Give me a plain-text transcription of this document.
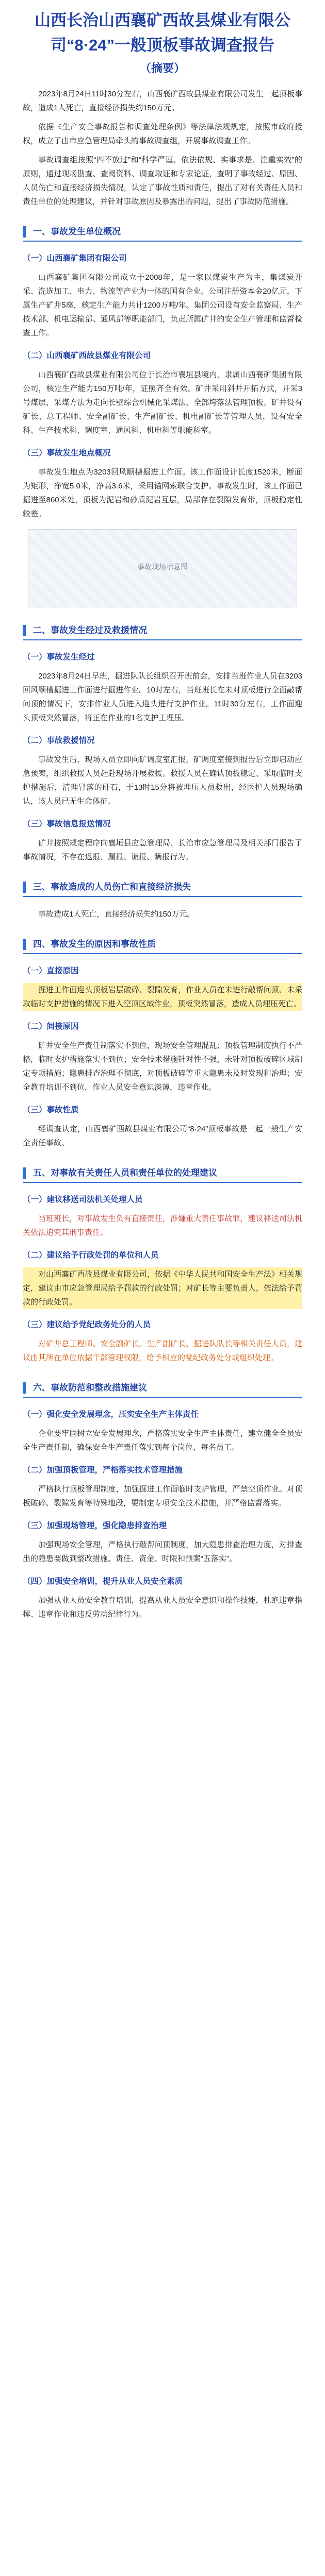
山西长治山西襄矿西故县煤业有限公
司“8·24”一般顶板事故调查报告
（摘要）

2023年8月24日11时30分左右，山西襄矿西故县煤业有限公司发生一起顶板事故，造成1人死亡，直接经济损失约150万元。

依据《生产安全事故报告和调查处理条例》等法律法规规定，按照市政府授权，成立了由市应急管理局牵头的事故调查组，开展事故调查工作。

事故调查组按照“四不放过”和“科学严谨、依法依规、实事求是、注重实效”的原则，通过现场勘查、查阅资料、调查取证和专家论证，查明了事故经过、原因、人员伤亡和直接经济损失情况，认定了事故性质和责任，提出了对有关责任人员和责任单位的处理建议，并针对事故原因及暴露出的问题，提出了事故防范措施。

一、事故发生单位概况
（一）山西襄矿集团有限公司

山西襄矿集团有限公司成立于2008年，是一家以煤炭生产为主，集煤炭开采、洗选加工、电力、物流等产业为一体的国有企业。公司注册资本金20亿元，下属生产矿井5座，核定生产能力共计1200万吨/年。集团公司设有安全监察局、生产技术部、机电运输部、通风部等职能部门，负责所属矿井的安全生产管理和监督检查工作。

（二）山西襄矿西故县煤业有限公司

山西襄矿西故县煤业有限公司位于长治市襄垣县境内，隶属山西襄矿集团有限公司，核定生产能力150万吨/年，证照齐全有效。矿井采用斜井开拓方式，开采3号煤层，采煤方法为走向长壁综合机械化采煤法，全部垮落法管理顶板。矿井设有矿长、总工程师、安全副矿长、生产副矿长、机电副矿长等管理人员，设有安全科、生产技术科、调度室、通风科、机电科等职能科室。

（三）事故发生地点概况

事故发生地点为3203回风顺槽掘进工作面。该工作面设计长度1520米，断面为矩形，净宽5.0米，净高3.6米，采用锚网索联合支护。事故发生时，该工作面已掘进至860米处，顶板为泥岩和砂质泥岩互层，局部存在裂隙发育带，顶板稳定性较差。

事故现场示意图
二、事故发生经过及救援情况
（一）事故发生经过

2023年8月24日早班，掘进队队长组织召开班前会，安排当班作业人员在3203回风顺槽掘进工作面进行掘进作业。10时左右，当班班长在未对顶板进行全面敲帮问顶的情况下，安排作业人员进入迎头进行支护作业。11时30分左右，工作面迎头顶板突然冒落，将正在作业的1名支护工埋压。

（二）事故救援情况

事故发生后，现场人员立即向矿调度室汇报，矿调度室接到报告后立即启动应急预案，组织救援人员赶赴现场开展救援。救援人员在确认顶板稳定、采取临时支护措施后，清理冒落的矸石，于13时15分将被埋压人员救出，经医护人员现场确认，该人员已无生命体征。

（三）事故信息报送情况

矿井按照规定程序向襄垣县应急管理局、长治市应急管理局及相关部门报告了事故情况，不存在迟报、漏报、谎报、瞒报行为。

三、事故造成的人员伤亡和直接经济损失

事故造成1人死亡，直接经济损失约150万元。

四、事故发生的原因和事故性质
（一）直接原因

掘进工作面迎头顶板岩层破碎、裂隙发育，作业人员在未进行敲帮问顶、未采取临时支护措施的情况下进入空顶区域作业，顶板突然冒落，造成人员埋压死亡。

（二）间接原因

矿井安全生产责任制落实不到位，现场安全管理混乱；顶板管理制度执行不严格，临时支护措施落实不到位；安全技术措施针对性不强，未针对顶板破碎区域制定专项措施；隐患排查治理不彻底，对顶板破碎等重大隐患未及时发现和治理；安全教育培训不到位，作业人员安全意识淡薄，违章作业。

（三）事故性质

经调查认定，山西襄矿西故县煤业有限公司“8·24”顶板事故是一起一般生产安全责任事故。

五、对事故有关责任人员和责任单位的处理建议
（一）建议移送司法机关处理人员

当班班长，对事故发生负有直接责任，涉嫌重大责任事故罪，建议移送司法机关依法追究其刑事责任。

（二）建议给予行政处罚的单位和人员

对山西襄矿西故县煤业有限公司，依据《中华人民共和国安全生产法》相关规定，建议由市应急管理局给予罚款的行政处罚；对矿长等主要负责人，依法给予罚款的行政处罚。

（三）建议给予党纪政务处分的人员

对矿井总工程师、安全副矿长、生产副矿长、掘进队队长等相关责任人员，建议由其所在单位依据干部管理权限，给予相应的党纪政务处分或组织处理。

六、事故防范和整改措施建议
（一）强化安全发展理念，压实安全生产主体责任

企业要牢固树立安全发展理念，严格落实安全生产主体责任，建立健全全员安全生产责任制，确保安全生产责任落实到每个岗位、每名员工。

（二）加强顶板管理，严格落实技术管理措施

严格执行顶板管理制度，加强掘进工作面临时支护管理，严禁空顶作业。对顶板破碎、裂隙发育等特殊地段，要制定专项安全技术措施，并严格监督落实。

（三）加强现场管理，强化隐患排查治理

加强现场安全管理，严格执行敲帮问顶制度，加大隐患排查治理力度，对排查出的隐患要做到整改措施、责任、资金、时限和预案“五落实”。

（四）加强安全培训，提升从业人员安全素质

加强从业人员安全教育培训，提高从业人员安全意识和操作技能，杜绝违章指挥、违章作业和违反劳动纪律行为。
